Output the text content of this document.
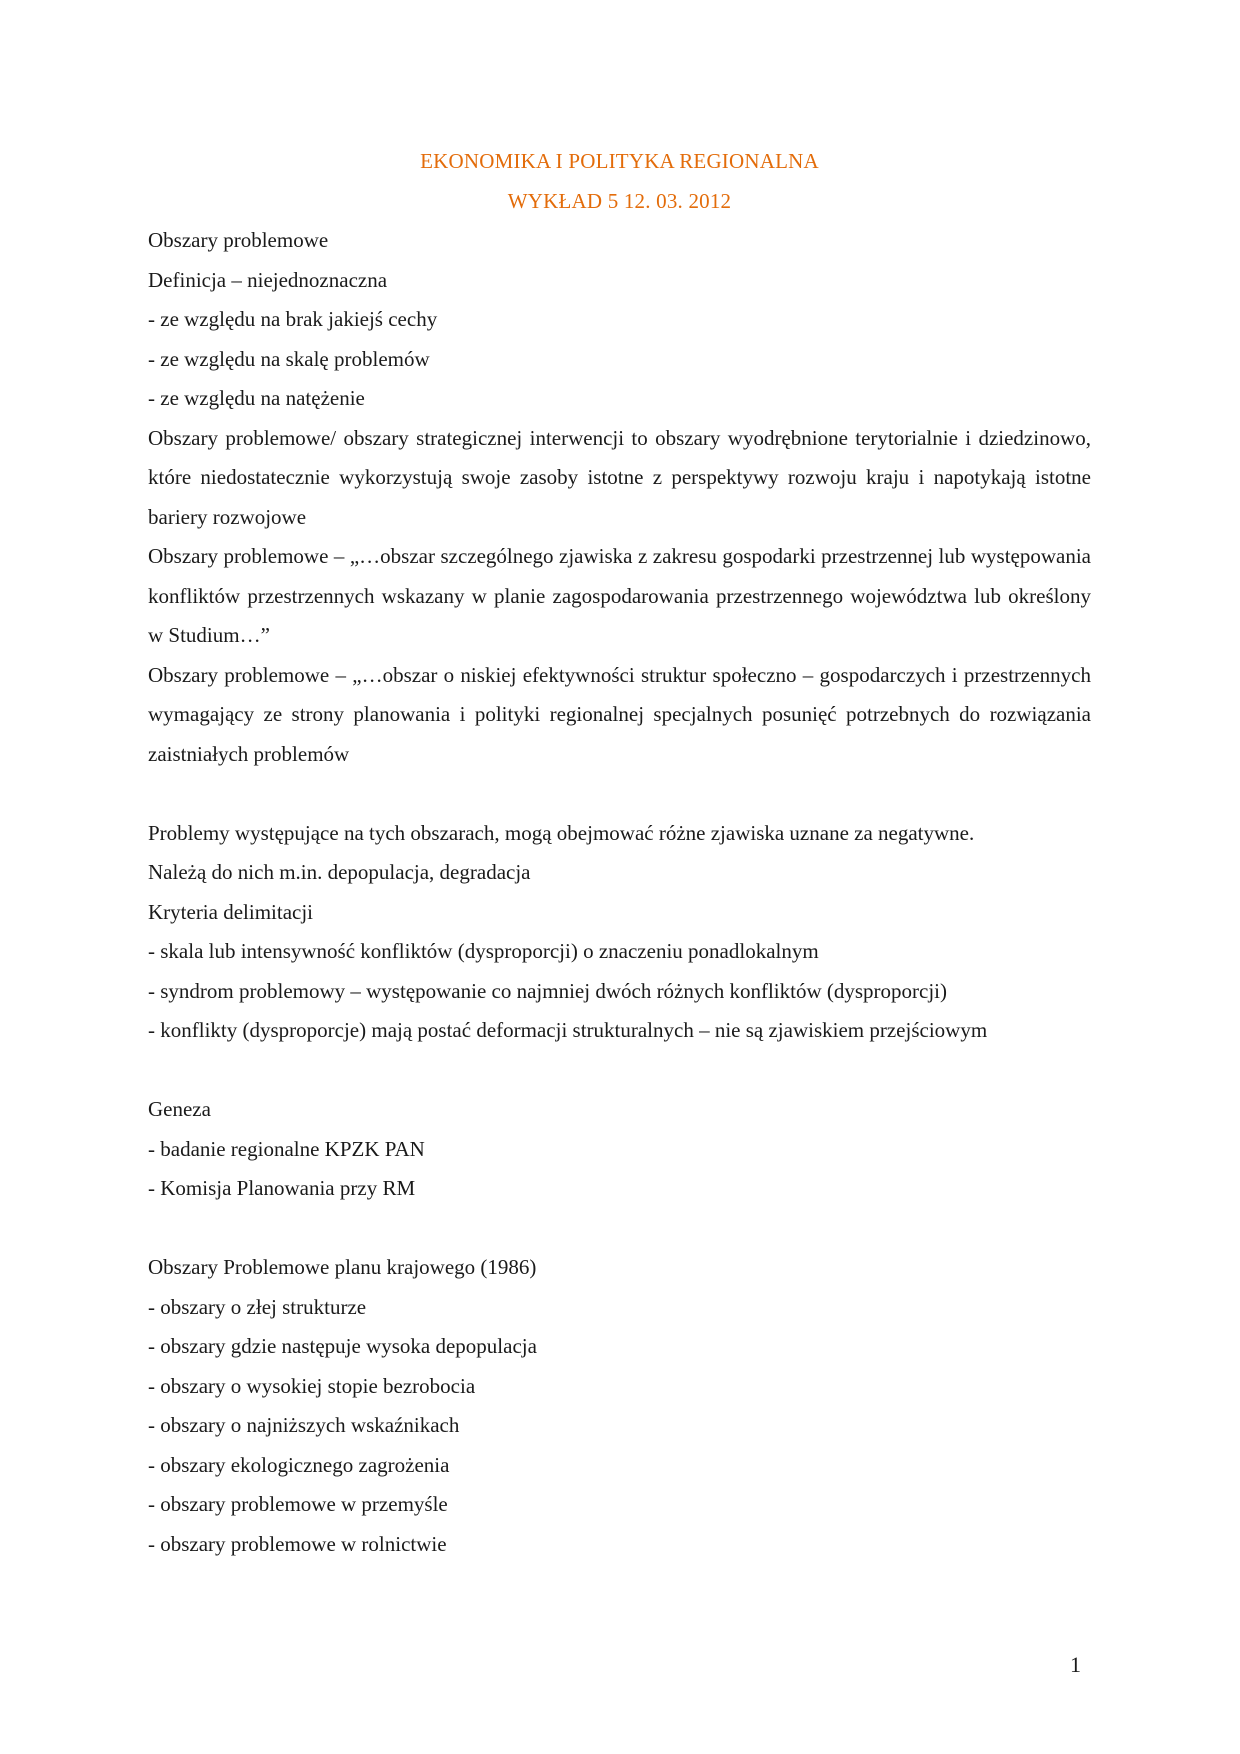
EKONOMIKA I POLITYKA REGIONALNA
WYKŁAD 5 12. 03. 2012
Obszary problemowe
Definicja – niejednoznaczna
- ze względu na brak jakiejś cechy
- ze względu na skalę problemów
- ze względu na natężenie
Obszary problemowe/ obszary strategicznej interwencji to obszary wyodrębnione terytorialnie i dziedzinowo, które niedostatecznie wykorzystują swoje zasoby istotne z perspektywy rozwoju kraju i napotykają istotne bariery rozwojowe
Obszary problemowe – „…obszar szczególnego zjawiska z zakresu gospodarki przestrzennej lub występowania konfliktów przestrzennych wskazany w planie zagospodarowania przestrzennego województwa lub określony w Studium…”
Obszary problemowe – „…obszar o niskiej efektywności struktur społeczno – gospodarczych i przestrzennych wymagający ze strony planowania i polityki regionalnej specjalnych posunięć potrzebnych do rozwiązania zaistniałych problemów
Problemy występujące na tych obszarach, mogą obejmować różne zjawiska uznane za negatywne.
Należą do nich m.in. depopulacja, degradacja
Kryteria delimitacji
- skala lub intensywność konfliktów (dysproporcji) o znaczeniu ponadlokalnym
- syndrom problemowy – występowanie co najmniej dwóch różnych konfliktów (dysproporcji)
- konflikty (dysproporcje) mają postać deformacji strukturalnych – nie są zjawiskiem przejściowym
Geneza
- badanie regionalne KPZK PAN
- Komisja Planowania przy RM
Obszary Problemowe planu krajowego (1986)
- obszary o złej strukturze
- obszary gdzie następuje wysoka depopulacja
- obszary o wysokiej stopie bezrobocia
- obszary o najniższych wskaźnikach
- obszary ekologicznego zagrożenia
- obszary problemowe w przemyśle
- obszary problemowe w rolnictwie
1
